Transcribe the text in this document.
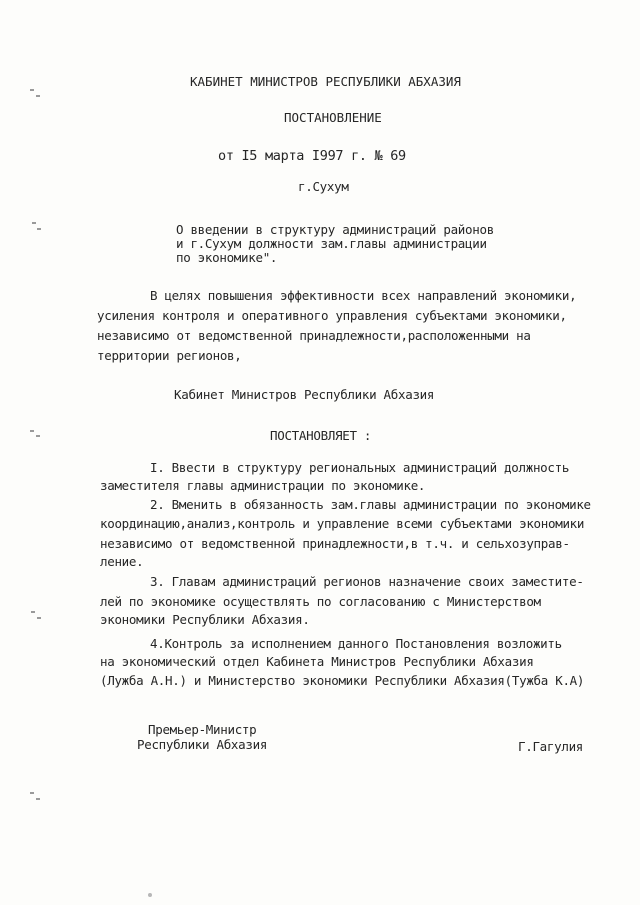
КАБИНЕТ МИНИСТРОВ РЕСПУБЛИКИ АБХАЗИЯ

ПОСТАНОВЛЕНИЕ

от I5 марта I997 г. № 69

г.Сухум

О введении в структуру администраций районов

и г.Сухум должности зам.главы администрации

по экономике".

В целях повышения эффективности всех направлений экономики,

усиления контроля и оперативного управления субъектами экономики,

независимо от ведомственной принадлежности,расположенными на

территории регионов,

Кабинет Министров Республики Абхазия

ПОСТАНОВЛЯЕТ :

I. Ввести в структуру региональных администраций должность

заместителя главы администрации по экономике.

2. Вменить в обязанность зам.главы администрации по экономике

координацию,анализ,контроль и управление всеми субъектами экономики

независимо от ведомственной принадлежности,в т.ч. и сельхозуправ-

ление.

3. Главам администраций регионов назначение своих заместите-

лей по экономике осуществлять по согласованию с Министерством

экономики Республики Абхазия.

4.Контроль за исполнением данного Постановления возложить

на экономический отдел Кабинета Министров Республики Абхазия

(Лужба А.Н.) и Министерство экономики Республики Абхазия(Тужба К.А)

Премьер-Министр

Республики Абхазия	Г.Гагулия
